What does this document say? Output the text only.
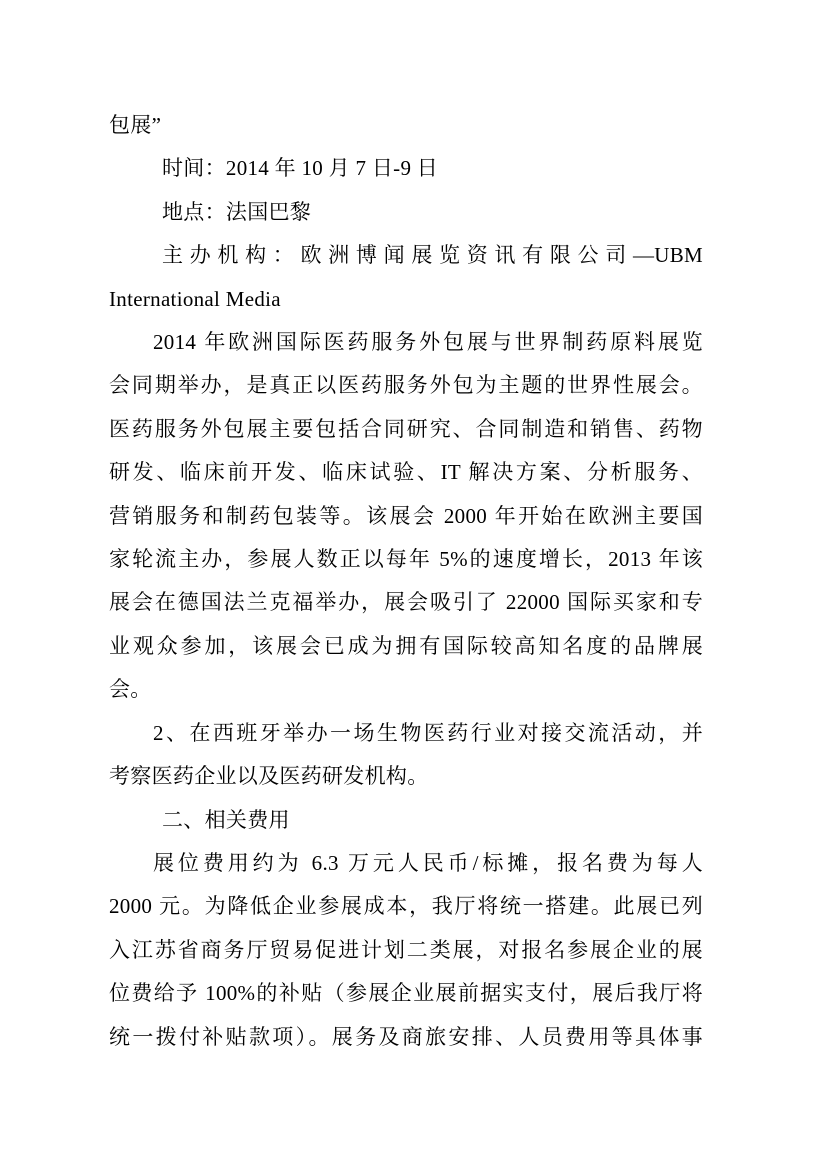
包展”
时间：2014 年 10 月 7 日-9 日
地点：法国巴黎
主办机构：欧洲博闻展览资讯有限公司—UBM
International Media
2014 年欧洲国际医药服务外包展与世界制药原料展览
会同期举办，是真正以医药服务外包为主题的世界性展会。
医药服务外包展主要包括合同研究、合同制造和销售、药物
研发、临床前开发、临床试验、IT 解决方案、分析服务、
营销服务和制药包装等。该展会 2000 年开始在欧洲主要国
家轮流主办，参展人数正以每年 5%的速度增长，2013 年该
展会在德国法兰克福举办，展会吸引了 22000 国际买家和专
业观众参加，该展会已成为拥有国际较高知名度的品牌展
会。
2、在西班牙举办一场生物医药行业对接交流活动，并
考察医药企业以及医药研发机构。
二、相关费用
展位费用约为 6.3 万元人民币/标摊，报名费为每人
2000 元。为降低企业参展成本，我厅将统一搭建。此展已列
入江苏省商务厅贸易促进计划二类展，对报名参展企业的展
位费给予 100%的补贴（参展企业展前据实支付，展后我厅将
统一拨付补贴款项）。展务及商旅安排、人员费用等具体事
